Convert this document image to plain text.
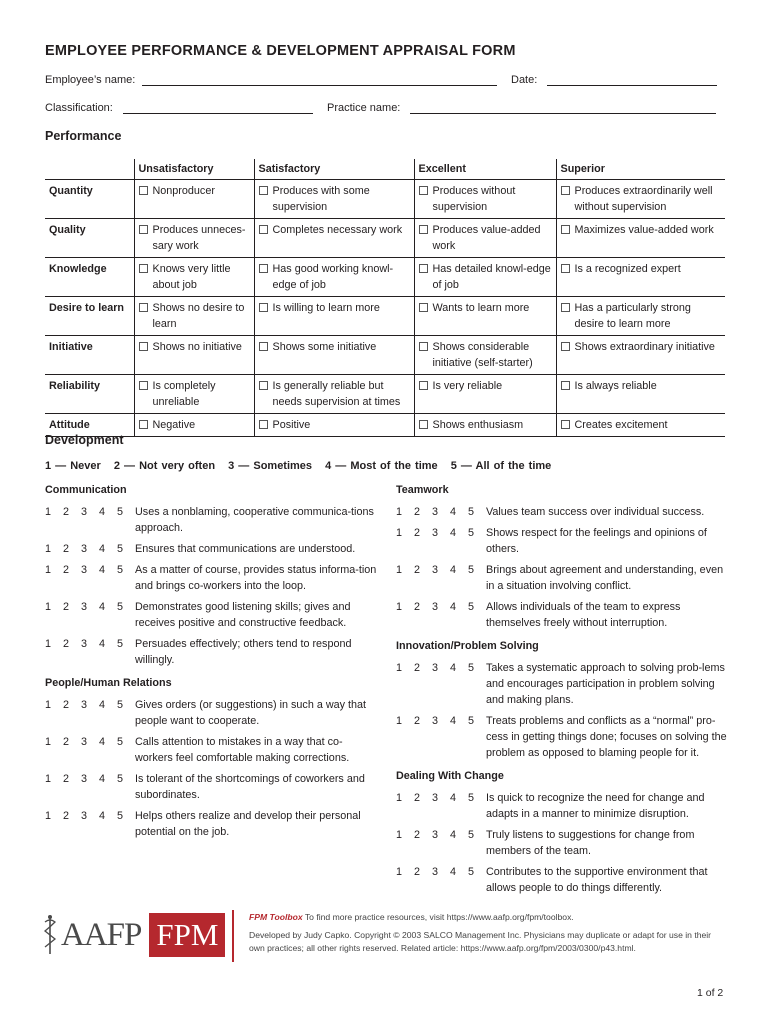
EMPLOYEE PERFORMANCE & DEVELOPMENT APPRAISAL FORM
Employee’s name:	Date:
Classification:	Practice name:
Performance
	Unsatisfactory	Satisfactory	Excellent	Superior
Quantity	Nonproducer	Produces with some supervision	Produces without supervision	Produces extraordinarily well without supervision

Quality	Produces unneces-sary work	Completes necessary work	Produces value-added work	Maximizes value-added work

Knowledge	Knows very little about job	Has good working knowl-edge of job	Has detailed knowl-edge of job	Is a recognized expert

Desire to learn	Shows no desire to learn	Is willing to learn more	Wants to learn more	Has a particularly strong desire to learn more

Initiative	Shows no initiative	Shows some initiative	Shows considerable initiative (self-starter)	Shows extraordinary initiative

Reliability	Is completely unreliable	Is generally reliable but needs supervision at times	Is very reliable	Is always reliable

Attitude	Negative	Positive	Shows enthusiasm	Creates excitement
Development
1 — Never 2 — Not very often 3 — Sometimes 4 — Most of the time 5 — All of the time
Communication
1	2	3	4	5	Uses a nonblaming, cooperative communica-tions approach.
1	2	3	4	5	Ensures that communications are understood.
1	2	3	4	5	As a matter of course, provides status informa-tion and brings co-workers into the loop.
1	2	3	4	5	Demonstrates good listening skills; gives and receives positive and constructive feedback.
1	2	3	4	5	Persuades effectively; others tend to respond willingly.
People/Human Relations
1	2	3	4	5	Gives orders (or suggestions) in such a way that people want to cooperate.
1	2	3	4	5	Calls attention to mistakes in a way that co-workers feel comfortable making corrections.
1	2	3	4	5	Is tolerant of the shortcomings of coworkers and subordinates.
1	2	3	4	5	Helps others realize and develop their personal potential on the job.
Teamwork
1	2	3	4	5	Values team success over individual success.
1	2	3	4	5	Shows respect for the feelings and opinions of others.
1	2	3	4	5	Brings about agreement and understanding, even in a situation involving conflict.
1	2	3	4	5	Allows individuals of the team to express themselves freely without interruption.
Innovation/Problem Solving
1	2	3	4	5	Takes a systematic approach to solving prob-lems and encourages participation in problem solving and making plans.
1	2	3	4	5	Treats problems and conflicts as a “normal” pro-cess in getting things done; focuses on solving the problem as opposed to blaming people for it.
Dealing With Change
1	2	3	4	5	Is quick to recognize the need for change and adapts in a manner to minimize disruption.
1	2	3	4	5	Truly listens to suggestions for change from members of the team.
1	2	3	4	5	Contributes to the supportive environment that allows people to do things differently.
AAFP FPM	FPM Toolbox To find more practice resources, visit https://www.aafp.org/fpm/toolbox.

Developed by Judy Capko. Copyright © 2003 SALCO Management Inc. Physicians may duplicate or adapt for use in their own practices; all other rights reserved. Related article: https://www.aafp.org/fpm/2003/0300/p43.html.

1 of 2
